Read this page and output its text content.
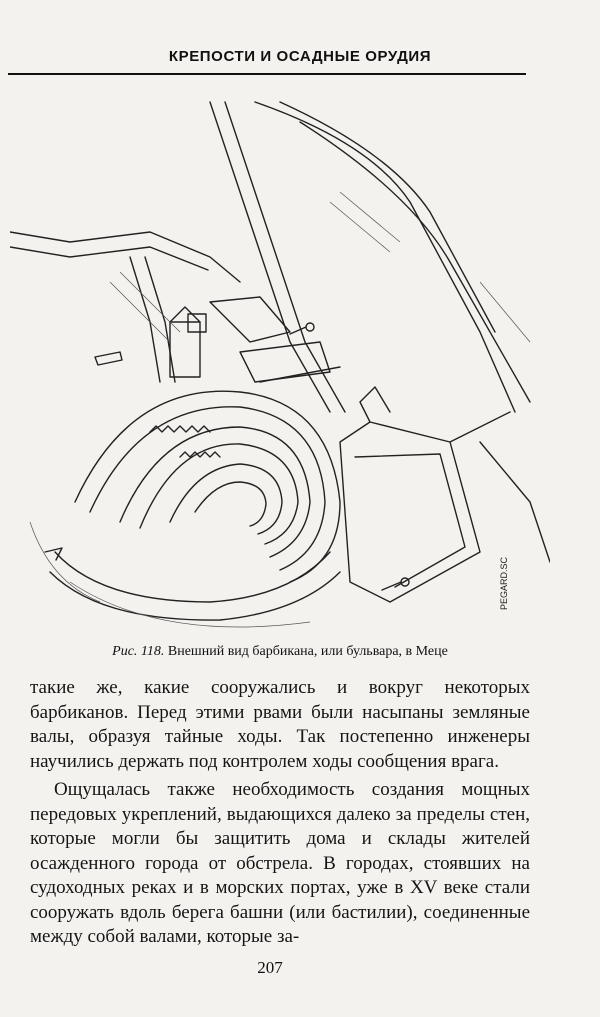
КРЕПОСТИ И ОСАДНЫЕ ОРУДИЯ
PEGARD.SC
Рис. 118. Внешний вид барбикана, или бульвара, в Меце

такие же, какие сооружались и вокруг некоторых барбиканов. Перед этими рвами были насыпаны земляные валы, образуя тайные ходы. Так постепенно инженеры научились держать под контролем ходы сообщения врага.

Ощущалась также необходимость создания мощных передовых укреплений, выдающихся далеко за пределы стен, которые могли бы защитить дома и склады жителей осажденного города от обстрела. В городах, стоявших на судоходных реках и в морских портах, уже в XV веке стали сооружать вдоль берега башни (или бастилии), соединенные между собой валами, которые за-

207
